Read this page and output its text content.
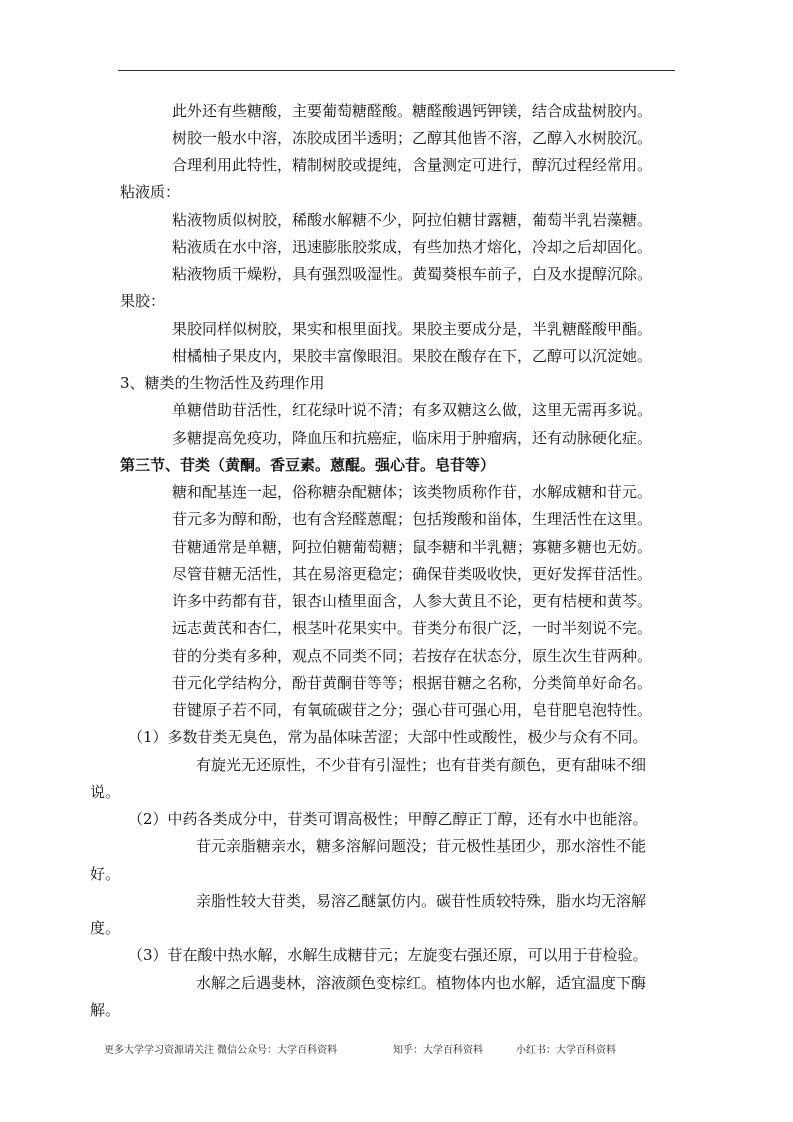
此外还有些糖酸，主要葡萄糖醛酸。糖醛酸遇钙钾镁，结合成盐树胶内。
树胶一般水中溶，冻胶成团半透明；乙醇其他皆不溶，乙醇入水树胶沉。
合理利用此特性，精制树胶或提纯，含量测定可进行，醇沉过程经常用。
粘液质：
粘液物质似树胶，稀酸水解糖不少，阿拉伯糖甘露糖，葡萄半乳岩藻糖。
粘液质在水中溶，迅速膨胀胶浆成，有些加热才熔化，冷却之后却固化。
粘液物质干燥粉，具有强烈吸湿性。黄蜀葵根车前子，白及水提醇沉除。
果胶：
果胶同样似树胶，果实和根里面找。果胶主要成分是，半乳糖醛酸甲酯。
柑橘柚子果皮内，果胶丰富像眼泪。果胶在酸存在下，乙醇可以沉淀她。
3、糖类的生物活性及药理作用
单糖借助苷活性，红花绿叶说不清；有多双糖这么做，这里无需再多说。
多糖提高免疫功，降血压和抗癌症，临床用于肿瘤病，还有动脉硬化症。
第三节、苷类（黄酮。香豆素。蒽醌。强心苷。皂苷等）
糖和配基连一起，俗称糖杂配糖体；该类物质称作苷，水解成糖和苷元。
苷元多为醇和酚，也有含羟醛蒽醌；包括羧酸和甾体，生理活性在这里。
苷糖通常是单糖，阿拉伯糖葡萄糖；鼠李糖和半乳糖；寡糖多糖也无妨。
尽管苷糖无活性，其在易溶更稳定；确保苷类吸收快，更好发挥苷活性。
许多中药都有苷，银杏山楂里面含，人参大黄且不论，更有桔梗和黄芩。
远志黄芪和杏仁，根茎叶花果实中。苷类分布很广泛，一时半刻说不完。
苷的分类有多种，观点不同类不同；若按存在状态分，原生次生苷两种。
苷元化学结构分，酚苷黄酮苷等等；根据苷糖之名称，分类简单好命名。
苷键原子若不同，有氧硫碳苷之分；强心苷可强心用，皂苷肥皂泡特性。
（1）多数苷类无臭色，常为晶体味苦涩；大部中性或酸性，极少与众有不同。
有旋光无还原性，不少苷有引湿性；也有苷类有颜色，更有甜味不细
说。
（2）中药各类成分中，苷类可谓高极性；甲醇乙醇正丁醇，还有水中也能溶。
苷元亲脂糖亲水，糖多溶解问题没；苷元极性基团少，那水溶性不能
好。
亲脂性较大苷类，易溶乙醚氯仿内。碳苷性质较特殊，脂水均无溶解
度。
（3）苷在酸中热水解，水解生成糖苷元；左旋变右强还原，可以用于苷检验。
水解之后遇斐林，溶液颜色变棕红。植物体内也水解，适宜温度下酶
解。
更多大学学习资源请关注 微信公众号：大学百科资料	知乎：大学百科资料	小红书：大学百科资料
